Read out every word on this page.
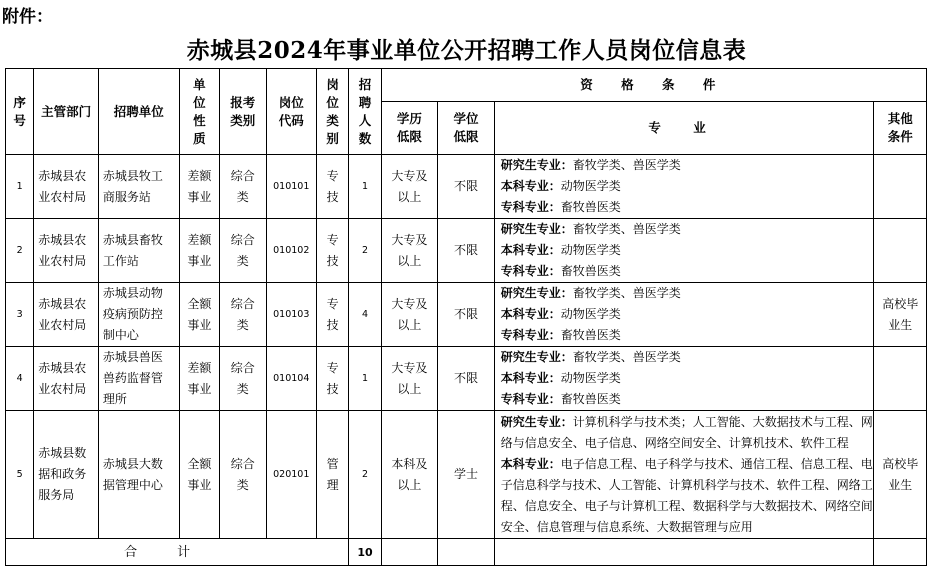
附件：
赤城县2024年事业单位公开招聘工作人员岗位信息表
序号	主管部门	招聘单位	单位性质	报考类别	岗位代码	岗位类别	招聘人数	资 格 条 件			
								学历低限	学位低限	专 业	其他条件
1	赤城县农业农村局	赤城县牧工商服务站	差额事业	综合类	010101	专技	1	大专及以上	不限	研究生专业：畜牧学类、兽医学类
本科专业：动物医学类
专科专业：畜牧兽医类	

2	赤城县农业农村局	赤城县畜牧工作站	差额事业	综合类	010102	专技	2	大专及以上	不限	研究生专业：畜牧学类、兽医学类
本科专业：动物医学类
专科专业：畜牧兽医类	

3	赤城县农业农村局	赤城县动物疫病预防控制中心	全额事业	综合类	010103	专技	4	大专及以上	不限	研究生专业：畜牧学类、兽医学类
本科专业：动物医学类
专科专业：畜牧兽医类	高校毕业生
4	赤城县农业农村局	赤城县兽医兽药监督管理所	差额事业	综合类	010104	专技	1	大专及以上	不限	研究生专业：畜牧学类、兽医学类
本科专业：动物医学类
专科专业：畜牧兽医类	

5	赤城县数据和政务服务局	赤城县大数据管理中心	全额事业	综合类	020101	管理	2	本科及以上	学士	研究生专业：计算机科学与技术类；人工智能、大数据技术与工程、网络与信息安全、电子信息、网络空间安全、计算机技术、软件工程
本科专业：电子信息工程、电子科学与技术、通信工程、信息工程、电子信息科学与技术、人工智能、计算机科学与技术、软件工程、网络工程、信息安全、电子与计算机工程、数据科学与大数据技术、网络空间安全、信息管理与信息系统、大数据管理与应用	高校毕业生
合计							10				
